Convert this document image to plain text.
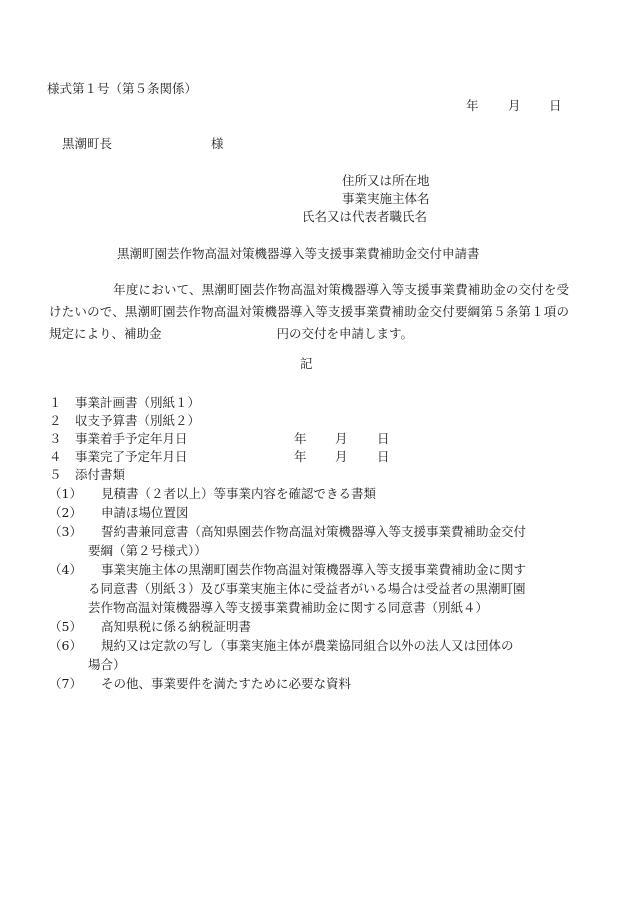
様式第１号（第５条関係）
年 月 日
黒潮町長	様
住所又は所在地
事業実施主体名
氏名又は代表者職氏名
黒潮町園芸作物高温対策機器導入等支援事業費補助金交付申請書
年度において、黒潮町園芸作物高温対策機器導入等支援事業費補助金の交付を受けたいので、黒潮町園芸作物高温対策機器導入等支援事業費補助金交付要綱第５条第１項の規定により、補助金	円の交付を申請します。
記
１ 事業計画書（別紙１）
２ 収支予算書（別紙２）
３ 事業着手予定年月日	年 月 日
４ 事業完了予定年月日	年 月 日
５ 添付書類
（1） 見積書（２者以上）等事業内容を確認できる書類
（2） 申請ほ場位置図
（3） 誓約書兼同意書（高知県園芸作物高温対策機器導入等支援事業費補助金交付
要綱（第２号様式））
（4） 事業実施主体の黒潮町園芸作物高温対策機器導入等支援事業費補助金に関す
る同意書（別紙３）及び事業実施主体に受益者がいる場合は受益者の黒潮町園
芸作物高温対策機器導入等支援事業費補助金に関する同意書（別紙４）
（5） 高知県税に係る納税証明書
（6） 規約又は定款の写し（事業実施主体が農業協同組合以外の法人又は団体の
場合）
（7） その他、事業要件を満たすために必要な資料
